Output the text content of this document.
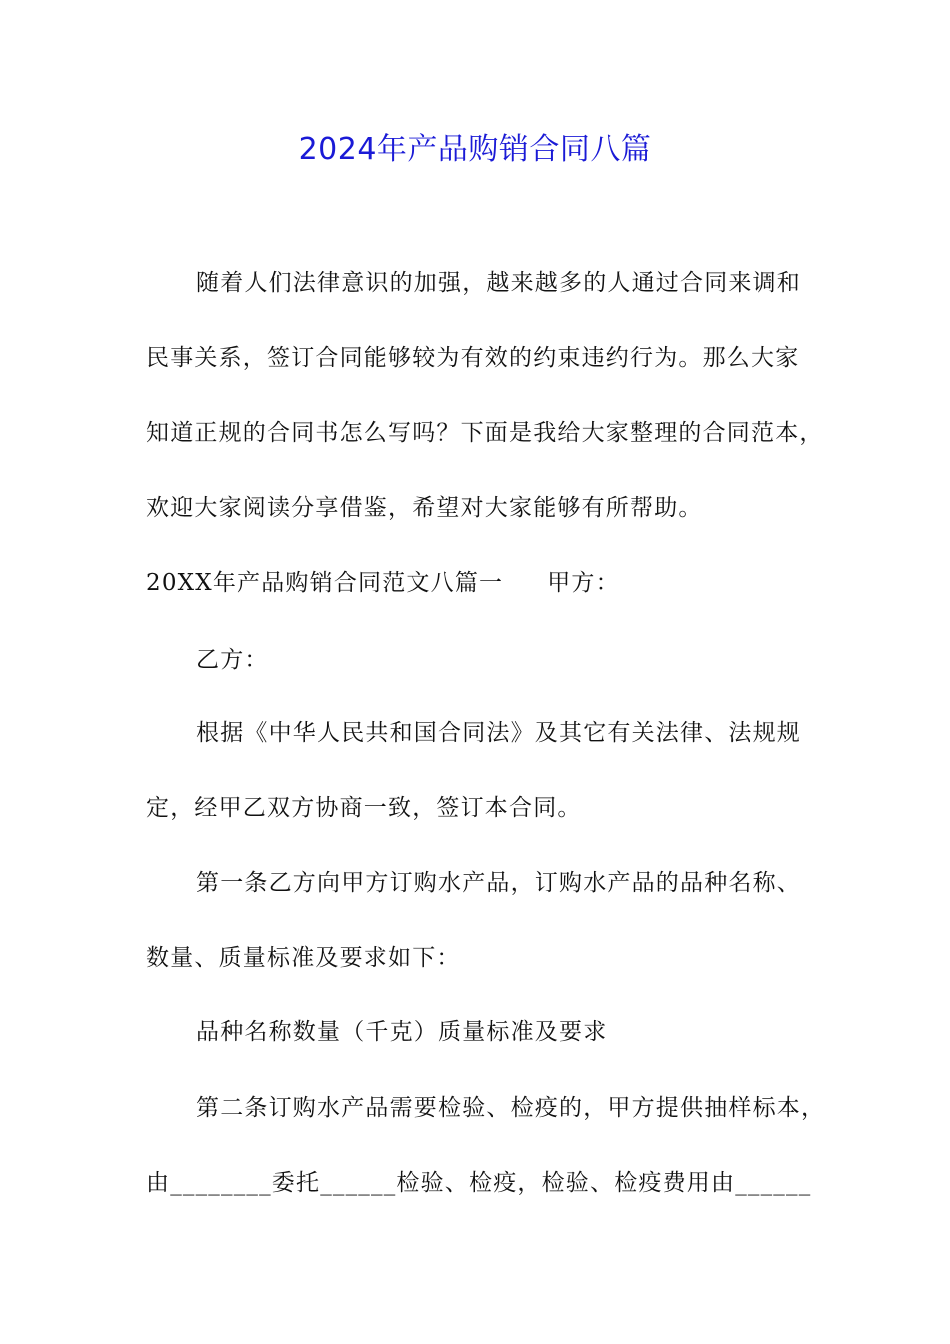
2024年产品购销合同八篇
随着人们法律意识的加强，越来越多的人通过合同来调和
民事关系，签订合同能够较为有效的约束违约行为。那么大家
知道正规的合同书怎么写吗？下面是我给大家整理的合同范本，
欢迎大家阅读分享借鉴，希望对大家能够有所帮助。
20XX年产品购销合同范文八篇一 甲方：
乙方：
根据《中华人民共和国合同法》及其它有关法律、法规规
定，经甲乙双方协商一致，签订本合同。
第一条乙方向甲方订购水产品，订购水产品的品种名称、
数量、质量标准及要求如下：
品种名称数量（千克）质量标准及要求
第二条订购水产品需要检验、检疫的，甲方提供抽样标本，
由________委托______检验、检疫，检验、检疫费用由______
